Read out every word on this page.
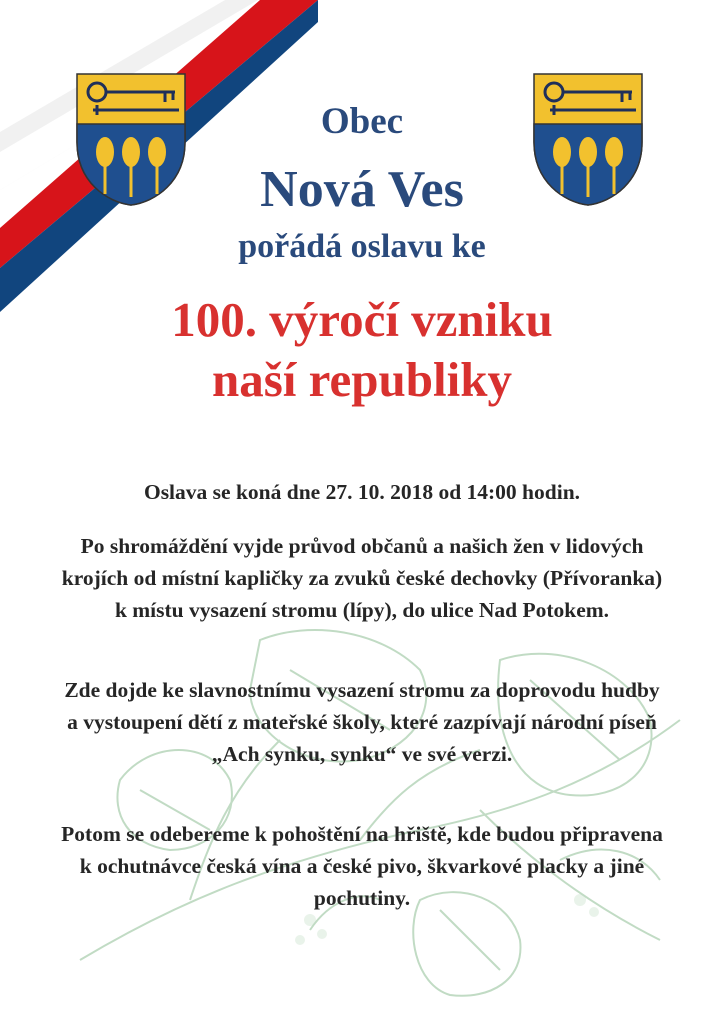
Obec
Nová Ves
pořádá oslavu ke
100. výročí vzniku
naší republiky

Oslava se koná dne 27. 10. 2018 od 14:00 hodin.

Po shromáždění vyjde průvod občanů a našich žen v lidových krojích od místní kapličky za zvuků české dechovky (Přívoranka) k místu vysazení stromu (lípy), do ulice Nad Potokem.

Zde dojde ke slavnostnímu vysazení stromu za doprovodu hudby a vystoupení dětí z mateřské školy, které zazpívají národní píseň „Ach synku, synku“ ve své verzi.

Potom se odebereme k pohoštění na hřiště, kde budou připravena k ochutnávce česká vína a české pivo, škvarkové placky a jiné pochutiny.
